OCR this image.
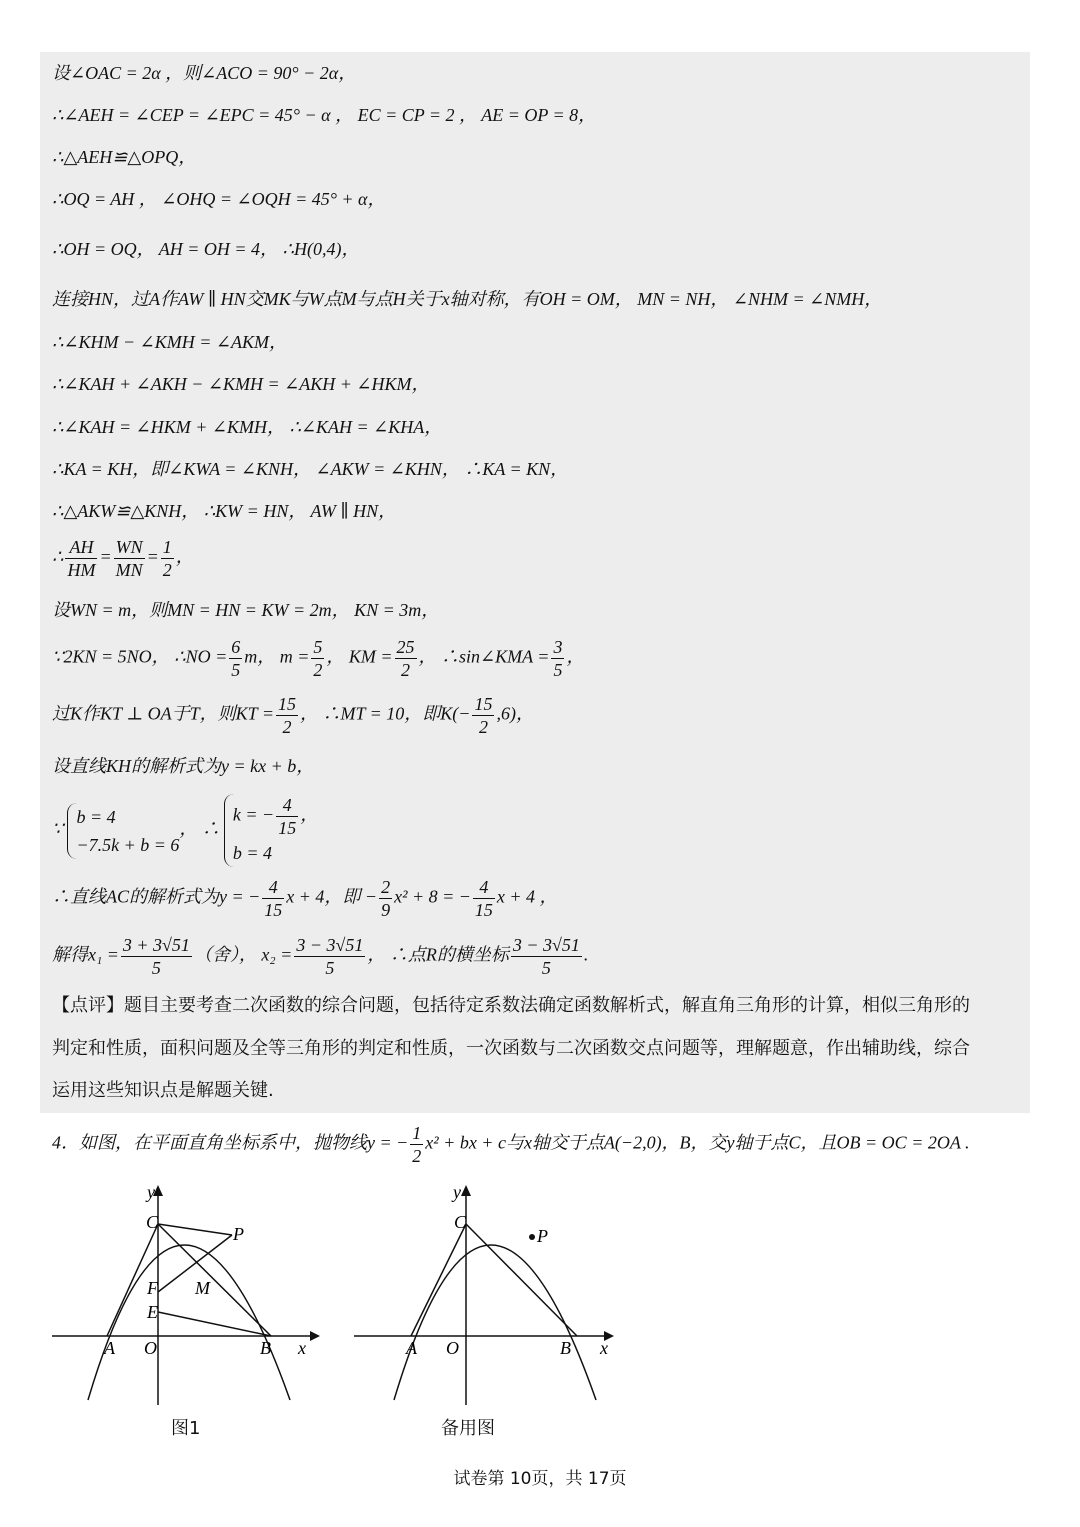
设∠OAC = 2α ，则∠ACO = 90° − 2α，
∴∠AEH = ∠CEP = ∠EPC = 45° − α ， EC = CP = 2 ， AE = OP = 8，
∴△AEH≌△OPQ，
∴OQ = AH ， ∠OHQ = ∠OQH = 45° + α，
∴OH = OQ， AH = OH = 4， ∴H(0,4)，
连接HN，过A作AW ∥ HN交MK与W点M与点H关于x轴对称，有OH = OM， MN = NH， ∠NHM = ∠NMH，
∴∠KHM − ∠KMH = ∠AKM，
∴∠KAH + ∠AKH − ∠KMH = ∠AKH + ∠HKM，
∴∠KAH = ∠HKM + ∠KMH， ∴∠KAH = ∠KHA，
∴KA = KH，即∠KWA = ∠KNH， ∠AKW = ∠KHN， ∴KA = KN，
∴△AKW≌△KNH， ∴KW = HN， AW ∥ HN，
∴ $\frac{AH}{HM} = \frac{WN}{MN} = \frac{1}{2}$ ，
设WN = m，则MN = HN = KW = 2m， KN = 3m，
∵2KN = 5NO， ∴NO = $\frac{6}{5}$ m， $m = \frac{5}{2}$ ， KM = $\frac{25}{2}$ ， ∴sin∠KMA = $\frac{3}{5}$ ，
过K作KT ⊥ OA于T，则KT = $\frac{15}{2}$ ， ∴MT = 10，即$K(- \frac{15}{2} ,6)$，
设直线KH的解析式为y = kx + b，
∵
b = 4
−7.5k + b = 6
， ∴
k = − $\frac{4}{15}$ ，
b = 4
∴直线AC的解析式为y = − $\frac{4}{15}$ x + 4，即 − $\frac{2}{9} x^2 + 8$ = − $\frac{4}{15}$ x + 4 ，
解得$x_1 = \frac{3 + 3√51}{5}$ （舍）， $x_2 = \frac{3 - 3√51}{5}$ ， ∴点R的横坐标 $\frac{3 - 3√51}{5}$ .
【点评】题目主要考查二次函数的综合问题，包括待定系数法确定函数解析式，解直角三角形的计算，相似三角形的
判定和性质，面积问题及全等三角形的判定和性质，一次函数与二次函数交点问题等，理解题意，作出辅助线，综合
运用这些知识点是解题关键.
4．如图，在平面直角坐标系中，抛物线y = − $\frac{1}{2} x^2$ + bx + c与x轴交于点A(−2,0)，B，交y轴于点C，且OB = OC = 2OA .
C
y
P
F M
E
A O	B x
图1
C
y
P
A O	B x
备用图
试卷第 10页，共 17页
